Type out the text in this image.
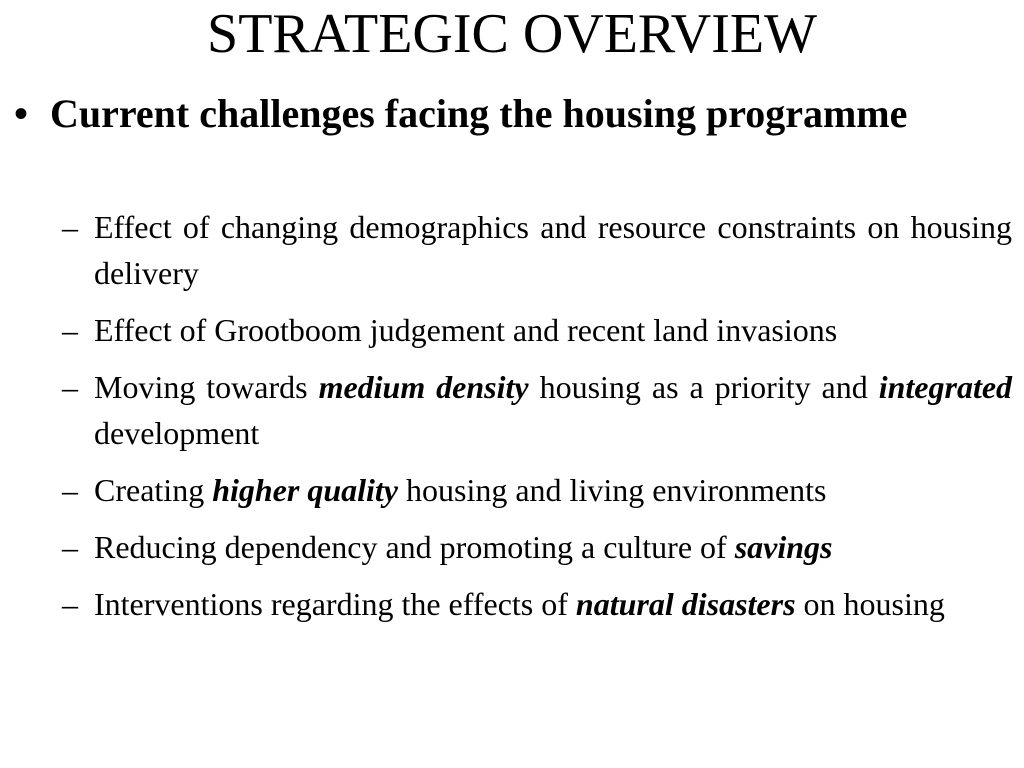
STRATEGIC OVERVIEW
• Current challenges facing the housing programme
– Effect of changing demographics and resource constraints on housing delivery
– Effect of Grootboom judgement and recent land invasions
– Moving towards medium density housing as a priority and integrated development
– Creating higher quality housing and living environments
– Reducing dependency and promoting a culture of savings
– Interventions regarding the effects of natural disasters on housing
